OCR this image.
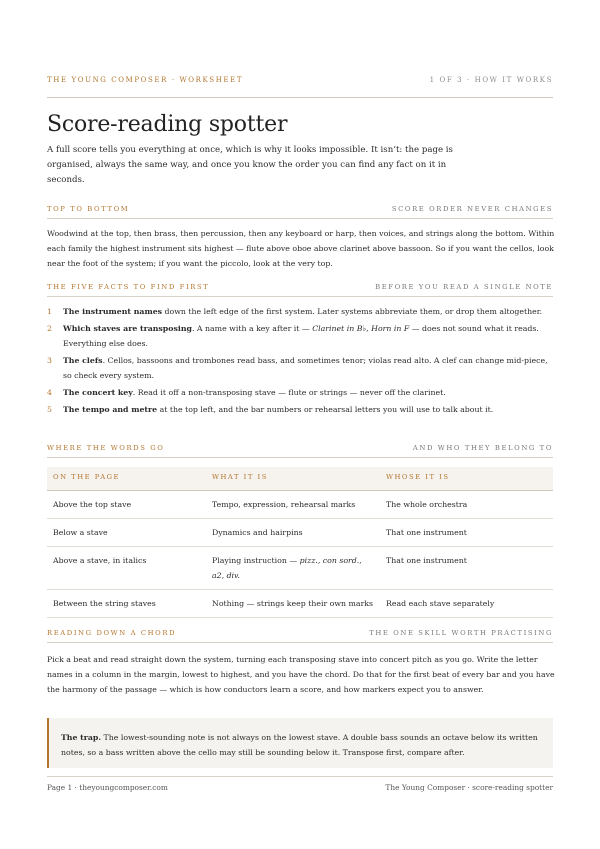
THE YOUNG COMPOSER · WORKSHEET	1 OF 3 · HOW IT WORKS
Score-reading spotter

A full score tells you everything at once, which is why it looks impossible. It isn’t: the page is organised, always the same way, and once you know the order you can find any fact on it in seconds.

TOP TO BOTTOM	SCORE ORDER NEVER CHANGES

Woodwind at the top, then brass, then percussion, then any keyboard or harp, then voices, and strings along the bottom. Within each family the highest instrument sits highest — flute above oboe above clarinet above bassoon. So if you want the cellos, look near the foot of the system; if you want the piccolo, look at the very top.

THE FIVE FACTS TO FIND FIRST	BEFORE YOU READ A SINGLE NOTE
1 The instrument names down the left edge of the first system. Later systems abbreviate them, or drop them altogether.
2 Which staves are transposing. A name with a key after it — Clarinet in B♭, Horn in F — does not sound what it reads. Everything else does.
3 The clefs. Cellos, bassoons and trombones read bass, and sometimes tenor; violas read alto. A clef can change mid-piece, so check every system.
4 The concert key. Read it off a non-transposing stave — flute or strings — never off the clarinet.
5 The tempo and metre at the top left, and the bar numbers or rehearsal letters you will use to talk about it.
WHERE THE WORDS GO	AND WHO THEY BELONG TO
ON THE PAGE	WHAT IT IS	WHOSE IT IS
Above the top stave	Tempo, expression, rehearsal marks	The whole orchestra
Below a stave	Dynamics and hairpins	That one instrument
Above a stave, in italics	Playing instruction — pizz., con sord., a2, div.	That one instrument
Between the string staves	Nothing — strings keep their own marks	Read each stave separately
READING DOWN A CHORD	THE ONE SKILL WORTH PRACTISING

Pick a beat and read straight down the system, turning each transposing stave into concert pitch as you go. Write the letter names in a column in the margin, lowest to highest, and you have the chord. Do that for the first beat of every bar and you have the harmony of the passage — which is how conductors learn a score, and how markers expect you to answer.

The trap. The lowest-sounding note is not always on the lowest stave. A double bass sounds an octave below its written notes, so a bass written above the cello may still be sounding below it. Transpose first, compare after.

Page 1 · theyoungcomposer.com	The Young Composer · score-reading spotter
